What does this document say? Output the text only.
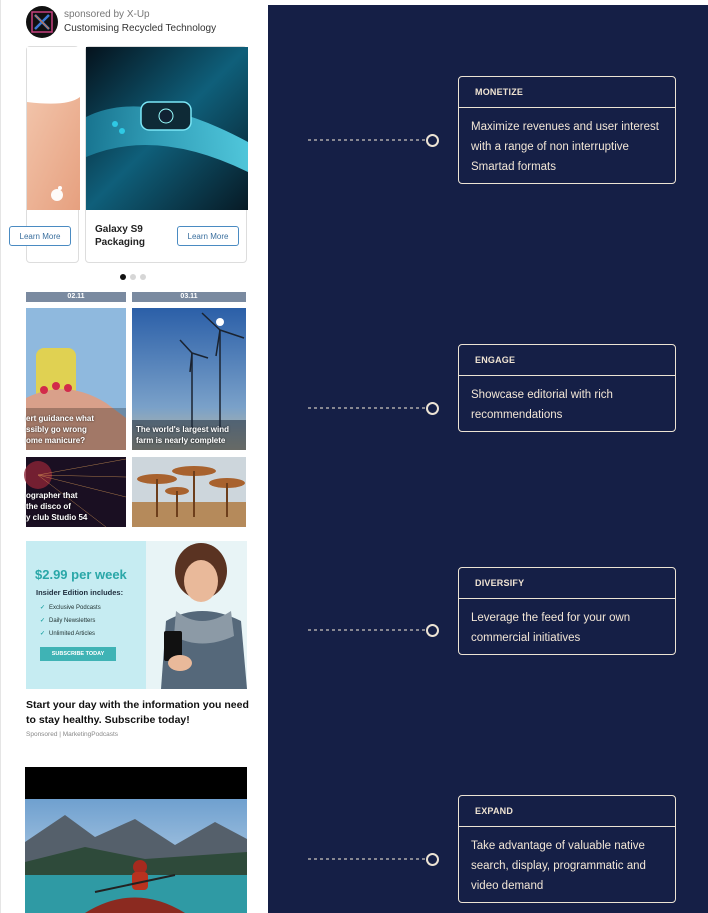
sponsored by X-Up
Customising Recycled Technology
Learn More
Galaxy S9
Packaging
Learn More
02.11	03.11
ert guidance what
ssibly go wrong
ome manicure?
The world's largest wind
farm is nearly complete
ographer that
the disco of
y club Studio 54
$2.99 per week
Insider Edition includes:
✓ Exclusive Podcasts
✓ Daily Newsletters
✓ Unlimited Articles
SUBSCRIBE TODAY
Start your day with the information you need to stay healthy. Subscribe today!
Sponsored | MarketingPodcasts
MONETIZE
Maximize revenues and user interest with a range of non interruptive Smartad formats
ENGAGE
Showcase editorial with rich recommendations
DIVERSIFY
Leverage the feed for your own commercial initiatives
EXPAND
Take advantage of valuable native search, display, programmatic and video demand
